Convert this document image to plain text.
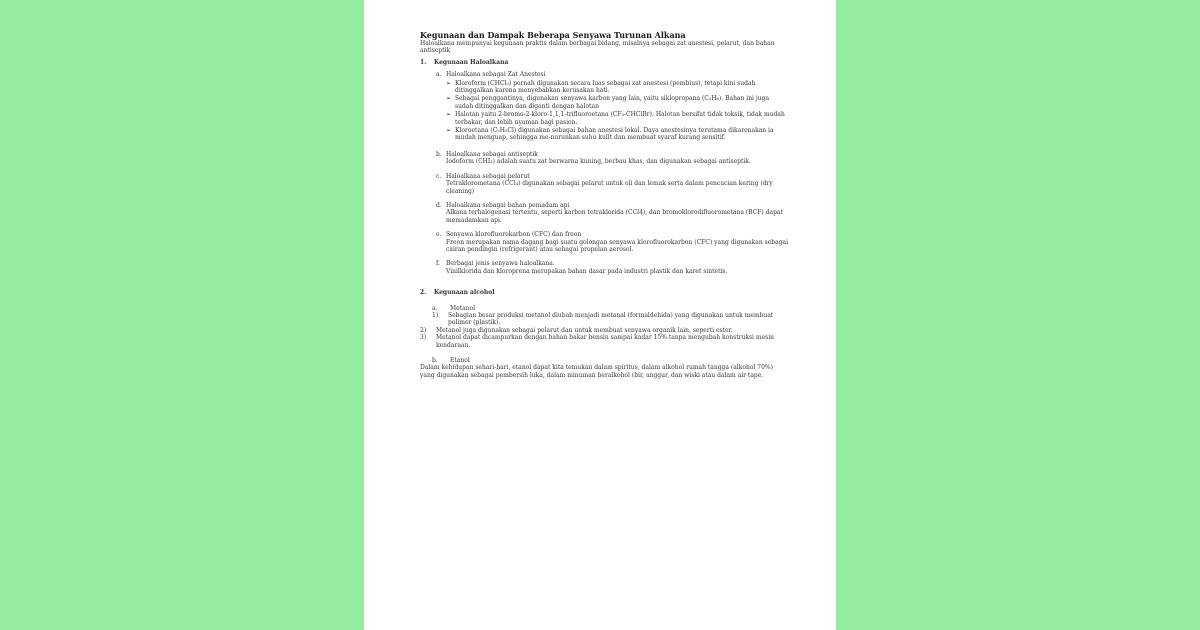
Kegunaan dan Dampak Beberapa Senyawa Turunan Alkana

Haloalkana mempunyai kegunaan praktis dalam berbagai bidang, misalnya sebagai zat anestesi, pelarut, dan bahan antiseptik

1.	Kegunaan Haloalkana
a. Haloalkana sebagai Zat Anestesi
➢ Kloroform (CHCl₃) pernah digunakan secara luas sebagai zat anestesi (pembius), tetapi kini sudah ditinggalkan karena menyebabkan kerusakan hati.
➢ Sebagai penggantinya, digunakan senyawa karbon yang lain, yaitu siklopropana (C₃H₆). Bahan ini juga sudah ditinggalkan dan diganti dengan halotan
➢ Halotan yaitu 2-bromo-2-kloro-1,1,1-trifluoroetana (CF₃-CHClBr). Halotan bersifat tidak toksik, tidak mudah terbakar, dan lebih nyaman bagi pasien.
➢ Kloroetana (C₂H₅Cl) digunakan sebagai bahan anestesi lokal. Daya anestesinya terutama dikarenakan ia mudah menguap, sehingga me-nurunkan suhu kulit dan membuat syaraf kurang sensitif.
b. Haloalkana sebagai antiseptik
Iodoform (CHI₃) adalah suatu zat berwarna kuning, berbau khas, dan digunakan sebagai antiseptik.
c. Haloalkana sebagai pelarut
Tetraklorometana (CCl₄) digunakan sebagai pelarut untuk oli dan lemak serta dalam pencucian kering (dry cleaning)
d. Haloalkana sebagai bahan pemadam api
Alkana terhalogenasi tertentu, seperti karbon tetraklorida (CCl4), dan bromoklorodifluorometana (BCF) dapat memadamkan api.
e. Senyawa klorofluorokarbon (CFC) dan freon
Freon merupakan nama dagang bagi suatu golongan senyawa klorofluorokarbon (CFC) yang digunakan sebagai cairan pendingin (refrigerant) atau sebagai propelan aerosol.
f.	Berbagai jenis senyawa haloalkana.
Vinilklorida dan kloroprena merupakan bahan dasar pada industri plastik dan karet sintetis.
2.	Kegunaan alcohol
a.	Metanol
1)	Sebagian besar produksi metanol diubah menjadi metanal (formaldehida) yang digunakan untuk membuat polimer (plastik).
2)	Metanol juga digunakan sebagai pelarut dan untuk membuat senyawa organik lain, seperti ester.
3)	Metanol dapat dicampurkan dengan bahan bakar bensin sampai kadar 15% tanpa mengubah konstruksi mesin kendaraan.
b.	Etanol
Dalam kehidupan sehari-hari, etanol dapat kita temukan dalam spiritus, dalam alkohol rumah tangga (alkohol 70%) yang digunakan sebagai pembersih luka, dalam minuman beralkohol (bir, anggur, dan wiski atau dalam air tape.
